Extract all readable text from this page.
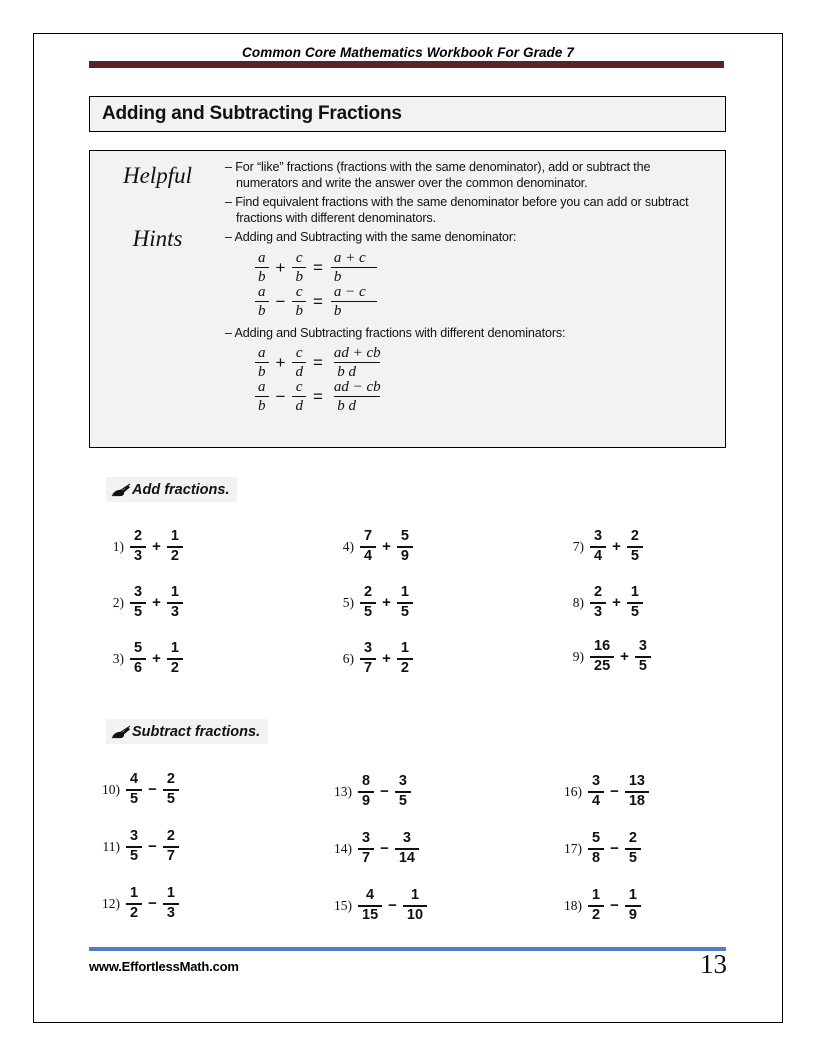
Common Core Mathematics Workbook For Grade 7
Adding and Subtracting Fractions
Helpful
Hints
– For “like” fractions (fractions with the same denominator), add or subtract the numerators and write the answer over the common denominator.
– Find equivalent fractions with the same denominator before you can add or subtract fractions with different denominators.
– Adding and Subtracting with the same denominator:
$\frac{a}{b} + \frac{c}{b} = \frac{a + c}{b}$
$\frac{a}{b} - \frac{c}{b} = \frac{a - c}{b}$
– Adding and Subtracting fractions with different denominators:
$\frac{a}{b} + \frac{c}{d} = \frac{ad + cb}{\text{b d}}$
$\frac{a}{b} - \frac{c}{d} = \frac{ad - cb}{\text{b d}}$
Add fractions.
Subtract fractions.
$1) \frac{2}{3} + \frac{1}{2}$
$2) \frac{3}{5} + \frac{1}{3}$
$3) \frac{5}{6} + \frac{1}{2}$
$4) \frac{7}{4} + \frac{5}{9}$
$5) \frac{2}{5} + \frac{1}{5}$
$6) \frac{3}{7} + \frac{1}{2}$
$7) \frac{3}{4} + \frac{2}{5}$
$8) \frac{2}{3} + \frac{1}{5}$
$9) \frac{16}{25} + \frac{3}{5}$
$10) \frac{4}{5} - \frac{2}{5}$
$11) \frac{3}{5} - \frac{2}{7}$
$12) \frac{1}{2} - \frac{1}{3}$
$13) \frac{8}{9} - \frac{3}{5}$
$14) \frac{3}{7} - \frac{3}{14}$
$15) \frac{4}{15} - \frac{1}{10}$
$16) \frac{3}{4} - \frac{13}{18}$
$17) \frac{5}{8} - \frac{2}{5}$
$18) \frac{1}{2} - \frac{1}{9}$
www.EffortlessMath.com	13
